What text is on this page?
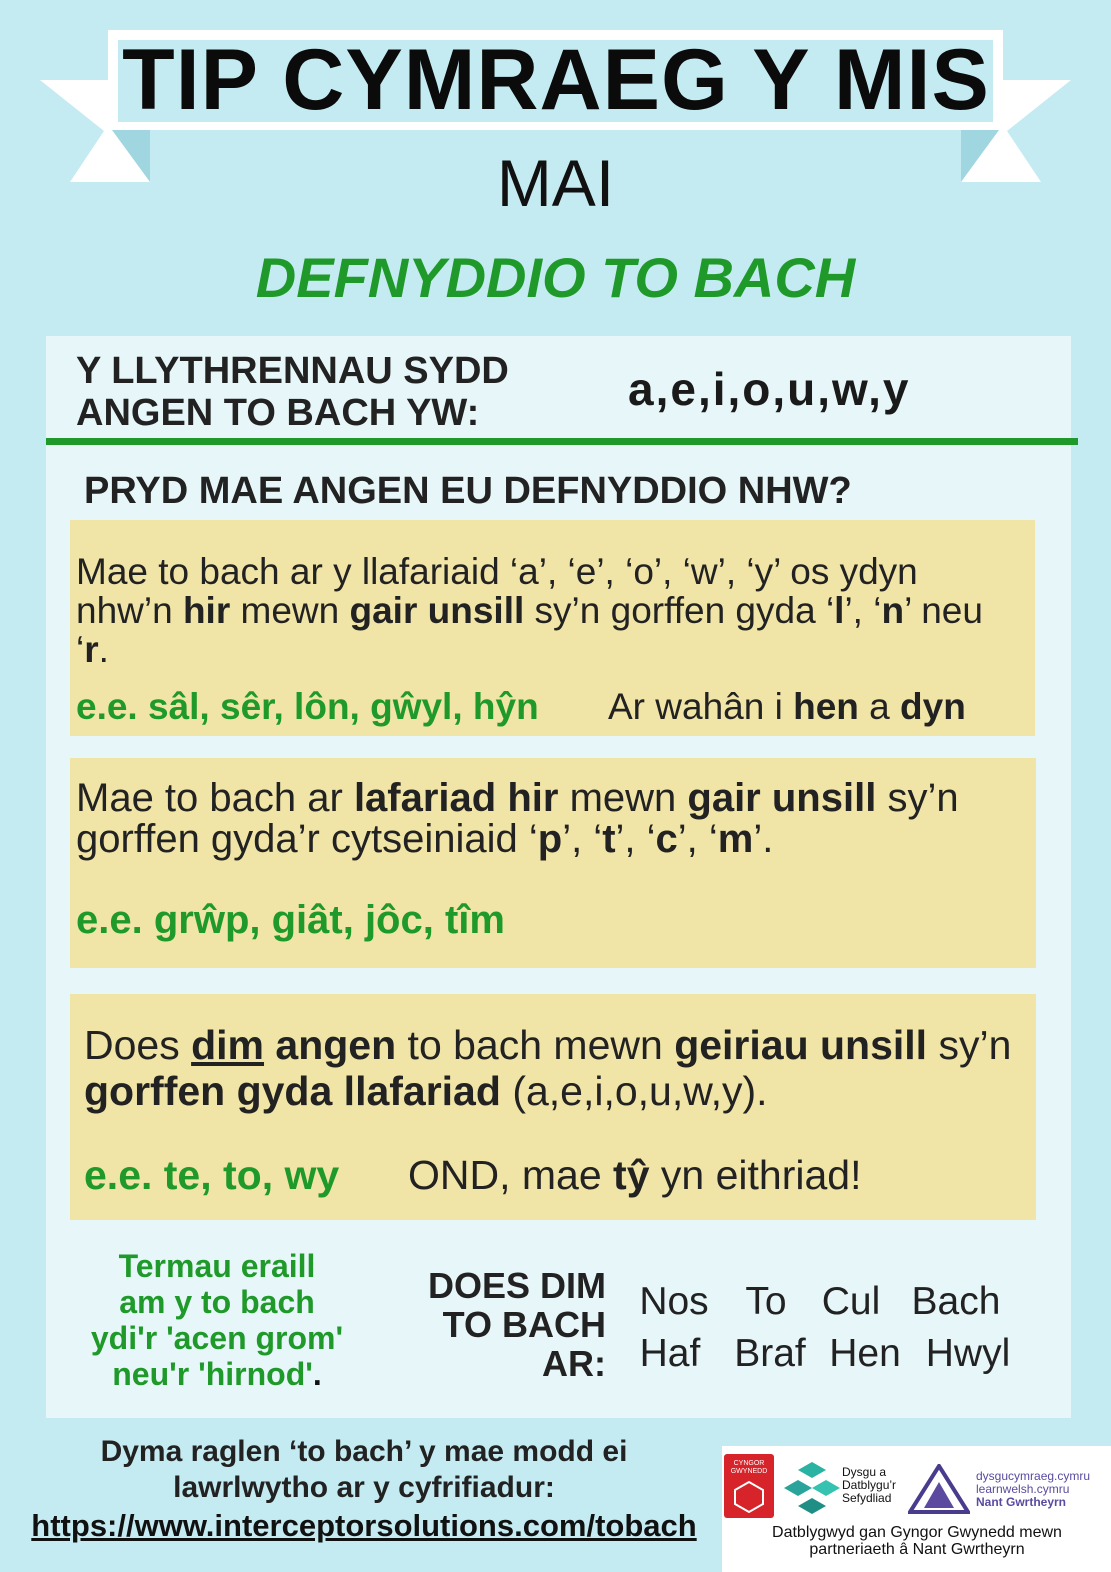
TIP CYMRAEG Y MIS
MAI
DEFNYDDIO TO BACH
Y LLYTHRENNAU SYDD
ANGEN TO BACH YW:	a,e,i,o,u,w,y
PRYD MAE ANGEN EU DEFNYDDIO NHW?
Mae to bach ar y llafariaid ‘a’, ‘e’, ‘o’, ‘w’, ‘y’ os ydyn nhw’n hir mewn gair unsill sy’n gorffen gyda ‘l’, ‘n’ neu ‘r.
e.e. sâl, sêr, lôn, gŵyl, hŷn Ar wahân i hen a dyn
Mae to bach ar lafariad hir mewn gair unsill sy’n gorffen gyda’r cytseiniaid ‘p’, ‘t’, ‘c’, ‘m’.
e.e. grŵp, giât, jôc, tîm
Does dim angen to bach mewn geiriau unsill sy’n gorffen gyda llafariad (a,e,i,o,u,w,y).
e.e. te, to, wy OND, mae tŷ yn eithriad!
Termau eraill
am y to bach
ydi'r 'acen grom'
neu'r 'hirnod'.
DOES DIM
TO BACH
AR:
Nos To Cul Bach
Haf Braf Hen Hwyl
Dyma raglen ‘to bach’ y mae modd ei
lawrlwytho ar y cyfrifiadur:
https://www.interceptorsolutions.com/tobach
CYNGOR
GWYNEDD	Dysgu a
Datblygu’r
Sefydliad
dysgucymraeg.cymru
learnwelsh.cymru
Nant Gwrtheyrn
Datblygwyd gan Gyngor Gwynedd mewn
partneriaeth â Nant Gwrtheyrn
